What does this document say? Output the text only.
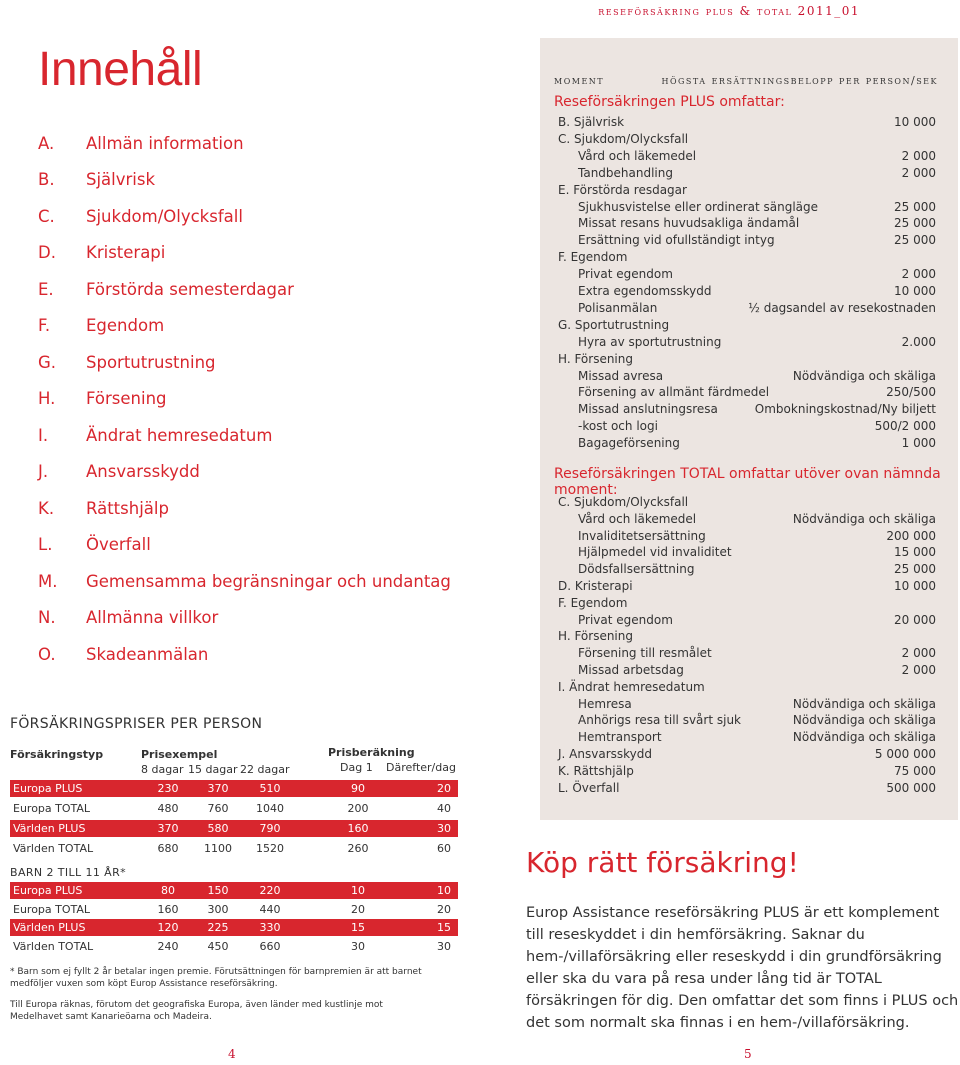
reseförsäkring plus & total 2011_01
Innehåll
A.	Allmän information
B.	Självrisk
C.	Sjukdom/Olycksfall
D.	Kristerapi
E.	Förstörda semesterdagar
F.	Egendom
G.	Sportutrustning
H.	Försening
I.	Ändrat hemresedatum
J.	Ansvarsskydd
K.	Rättshjälp
L.	Överfall
M.	Gemensamma begränsningar och undantag
N.	Allmänna villkor
O.	Skadeanmälan
FÖRSÄKRINGSPRISER PER PERSON
Försäkringstyp	Prisexempel	Prisberäkning
8 dagar 15 dagar 22 dagar	Dag 1 Därefter/dag
Europa PLUS	230	370	510	90	20
Europa TOTAL	480	760	1040	200	40
Världen PLUS	370	580	790	160	30
Världen TOTAL	680	1100	1520	260	60
BARN 2 TILL 11 ÅR*
Europa PLUS	80	150	220	10	10
Europa TOTAL	160	300	440	20	20
Världen PLUS	120	225	330	15	15
Världen TOTAL	240	450	660	30	30
* Barn som ej fyllt 2 år betalar ingen premie. Förutsättningen för barnpremien är att barnet medföljer vuxen som köpt Europ Assistance reseförsäkring.
Till Europa räknas, förutom det geografiska Europa, även länder med kustlinje mot Medelhavet samt Kanarieöarna och Madeira.
4	5
moment	högsta ersättningsbelopp per person/sek
Reseförsäkringen PLUS omfattar:
B. Självrisk	10 000
C. Sjukdom/Olycksfall
Vård och läkemedel	2 000
Tandbehandling	2 000
E. Förstörda resdagar
Sjukhusvistelse eller ordinerat sängläge	25 000
Missat resans huvudsakliga ändamål	25 000
Ersättning vid ofullständigt intyg	25 000
F. Egendom
Privat egendom	2 000
Extra egendomsskydd	10 000
Polisanmälan	½ dagsandel av resekostnaden
G. Sportutrustning
Hyra av sportutrustning	2.000
H. Försening
Missad avresa	Nödvändiga och skäliga
Försening av allmänt färdmedel	250/500
Missad anslutningsresa	Ombokningskostnad/Ny biljett
-kost och logi	500/2 000
Bagageförsening	1 000
Reseförsäkringen TOTAL omfattar utöver ovan nämnda moment:
C. Sjukdom/Olycksfall
Vård och läkemedel	Nödvändiga och skäliga
Invaliditetsersättning	200 000
Hjälpmedel vid invaliditet	15 000
Dödsfallsersättning	25 000
D. Kristerapi	10 000
F. Egendom
Privat egendom	20 000
H. Försening
Försening till resmålet	2 000
Missad arbetsdag	2 000
I. Ändrat hemresedatum
Hemresa	Nödvändiga och skäliga
Anhörigs resa till svårt sjuk	Nödvändiga och skäliga
Hemtransport	Nödvändiga och skäliga
J. Ansvarsskydd	5 000 000
K. Rättshjälp	75 000
L. Överfall	500 000
Köp rätt försäkring!
Europ Assistance reseförsäkring PLUS är ett komplement till reseskyddet i din hemförsäkring. Saknar du hem-/villaförsäkring eller reseskydd i din grundförsäkring eller ska du vara på resa under lång tid är TOTAL försäkringen för dig. Den omfattar det som finns i PLUS och det som normalt ska finnas i en hem-/villaförsäkring.
